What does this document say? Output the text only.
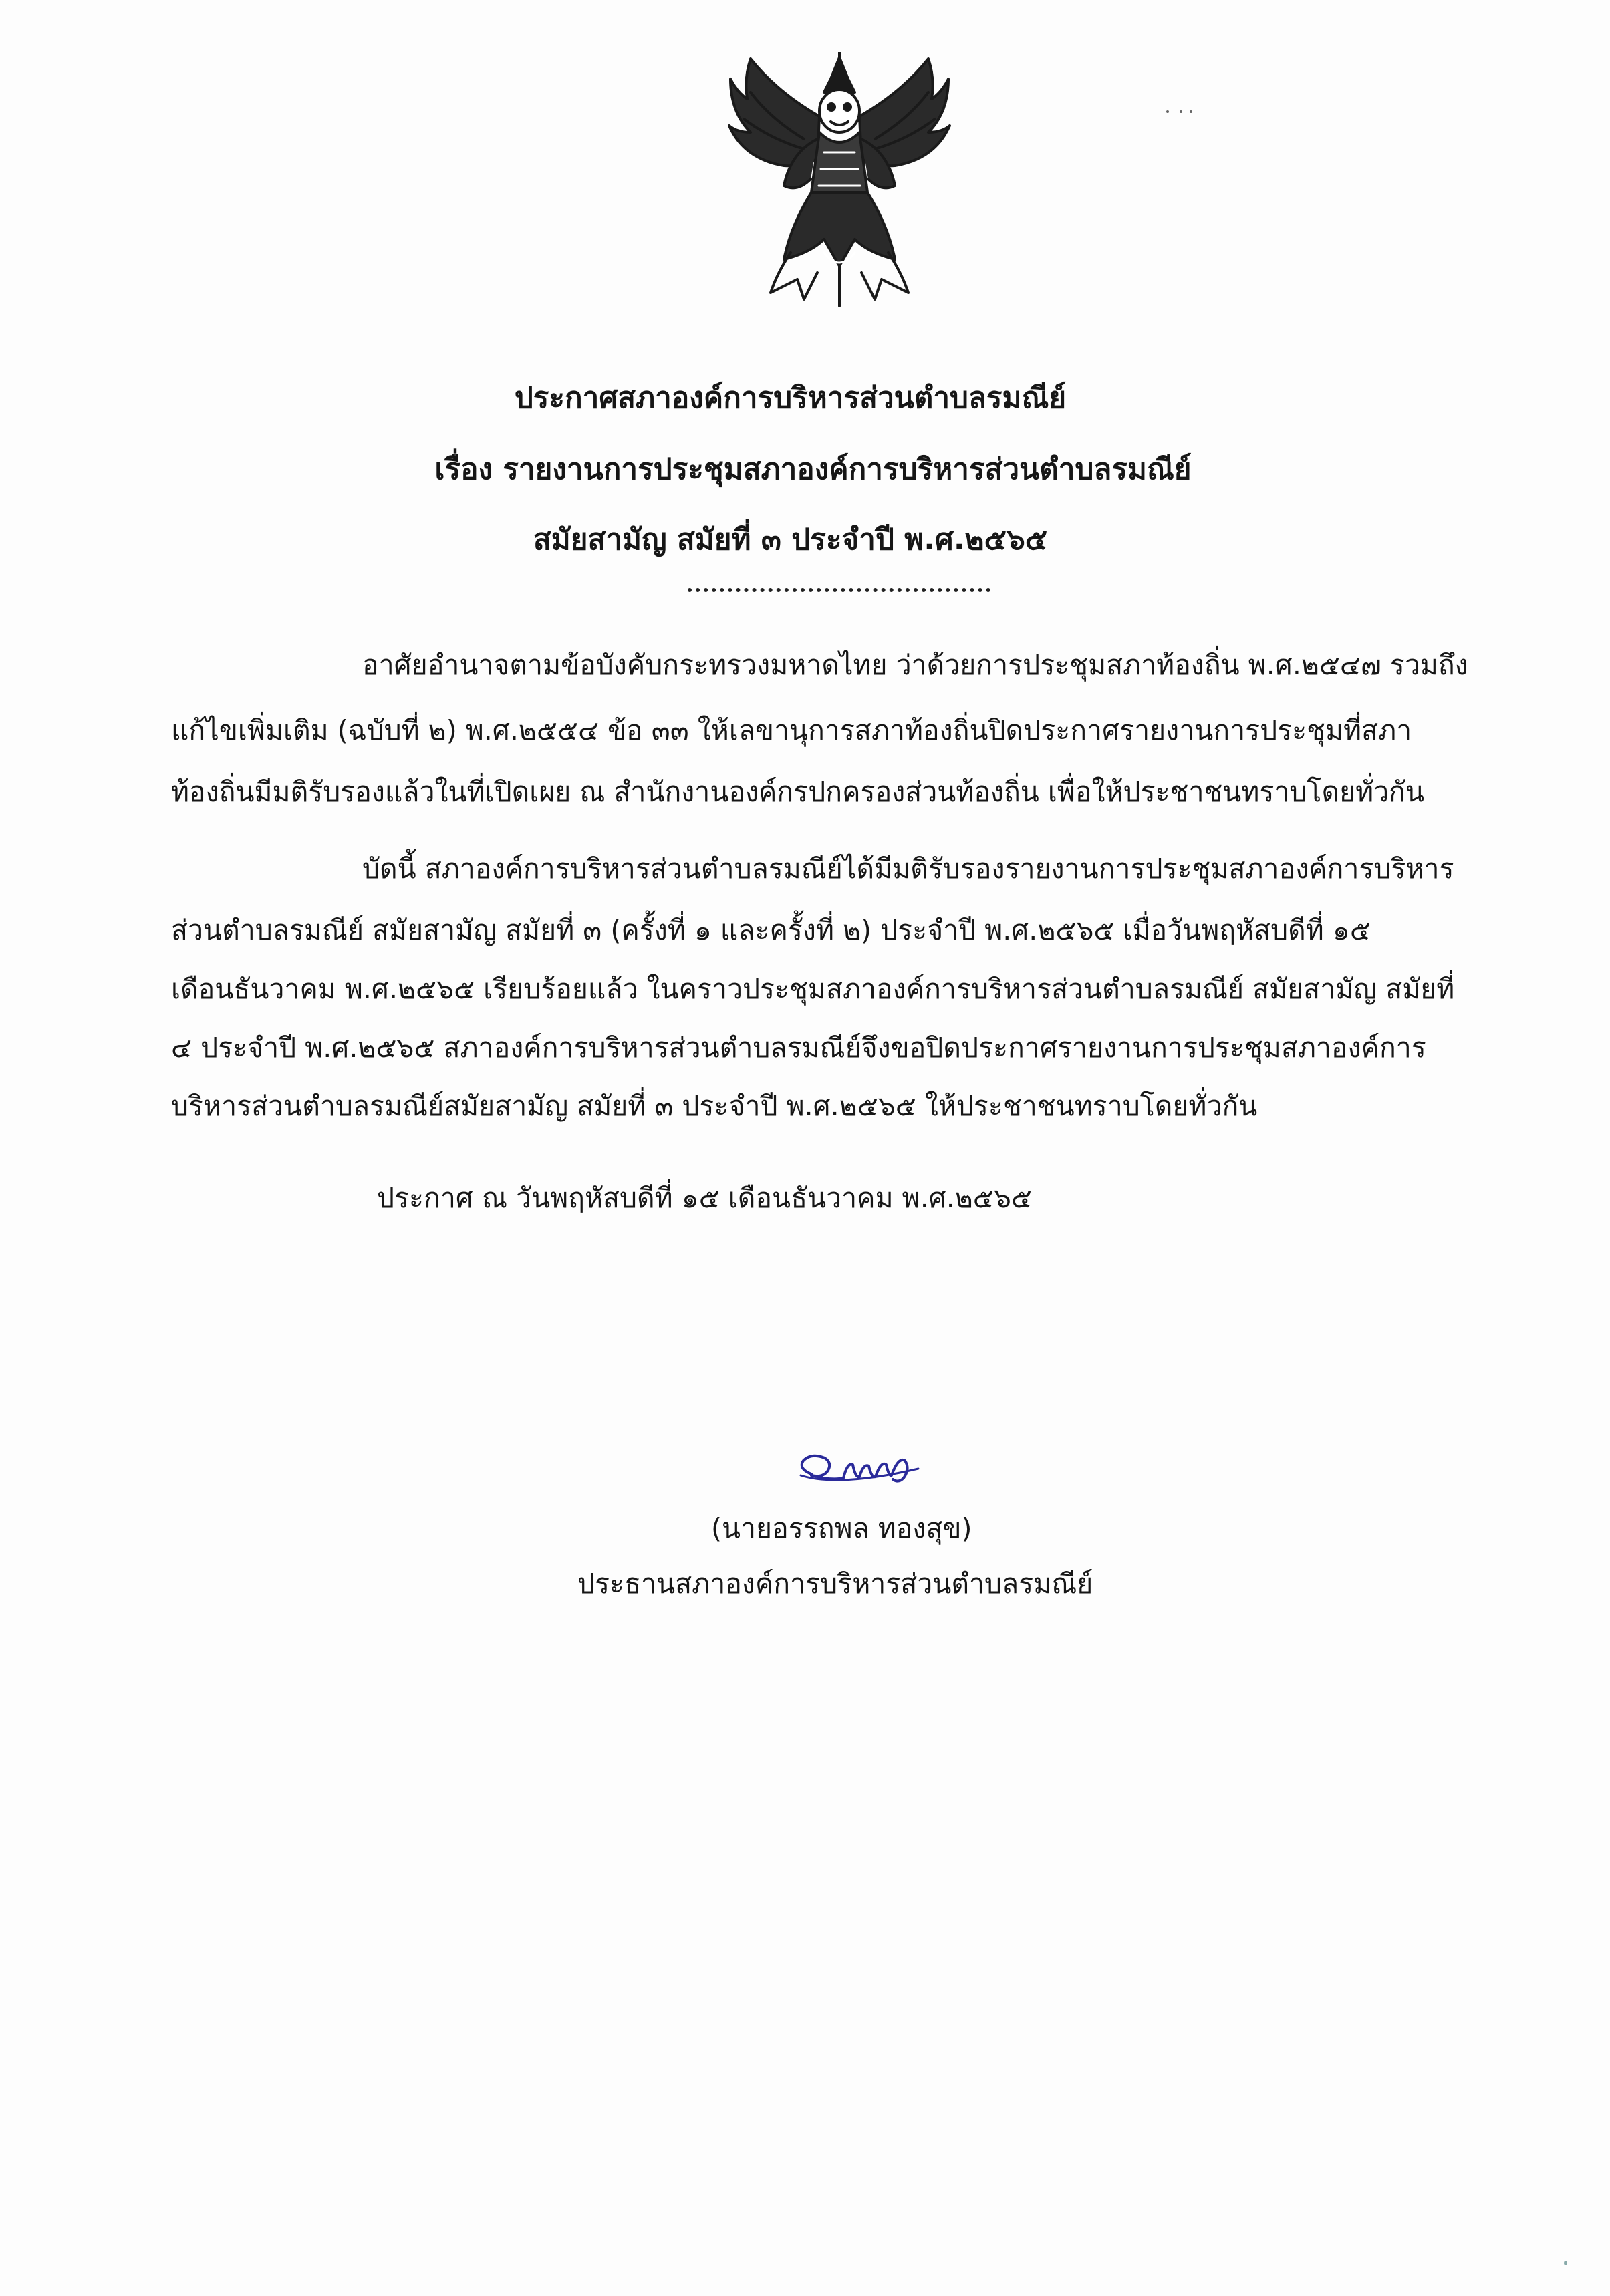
ประกาศสภาองค์การบริหารส่วนตำบลรมณีย์
เรื่อง รายงานการประชุมสภาองค์การบริหารส่วนตำบลรมณีย์
สมัยสามัญ สมัยที่ ๓ ประจำปี พ.ศ.๒๕๖๕
อาศัยอำนาจตามข้อบังคับกระทรวงมหาดไทย ว่าด้วยการประชุมสภาท้องถิ่น พ.ศ.๒๕๔๗ รวมถึง
แก้ไขเพิ่มเติม (ฉบับที่ ๒) พ.ศ.๒๕๕๔ ข้อ ๓๓ ให้เลขานุการสภาท้องถิ่นปิดประกาศรายงานการประชุมที่สภา
ท้องถิ่นมีมติรับรองแล้วในที่เปิดเผย ณ สำนักงานองค์กรปกครองส่วนท้องถิ่น เพื่อให้ประชาชนทราบโดยทั่วกัน
บัดนี้ สภาองค์การบริหารส่วนตำบลรมณีย์ได้มีมติรับรองรายงานการประชุมสภาองค์การบริหาร
ส่วนตำบลรมณีย์ สมัยสามัญ สมัยที่ ๓ (ครั้งที่ ๑ และครั้งที่ ๒) ประจำปี พ.ศ.๒๕๖๕ เมื่อวันพฤหัสบดีที่ ๑๕
เดือนธันวาคม พ.ศ.๒๕๖๕ เรียบร้อยแล้ว ในคราวประชุมสภาองค์การบริหารส่วนตำบลรมณีย์ สมัยสามัญ สมัยที่
๔ ประจำปี พ.ศ.๒๕๖๕ สภาองค์การบริหารส่วนตำบลรมณีย์จึงขอปิดประกาศรายงานการประชุมสภาองค์การ
บริหารส่วนตำบลรมณีย์สมัยสามัญ สมัยที่ ๓ ประจำปี พ.ศ.๒๕๖๕ ให้ประชาชนทราบโดยทั่วกัน
ประกาศ ณ วันพฤหัสบดีที่ ๑๕ เดือนธันวาคม พ.ศ.๒๕๖๕
(นายอรรถพล ทองสุข)
ประธานสภาองค์การบริหารส่วนตำบลรมณีย์
